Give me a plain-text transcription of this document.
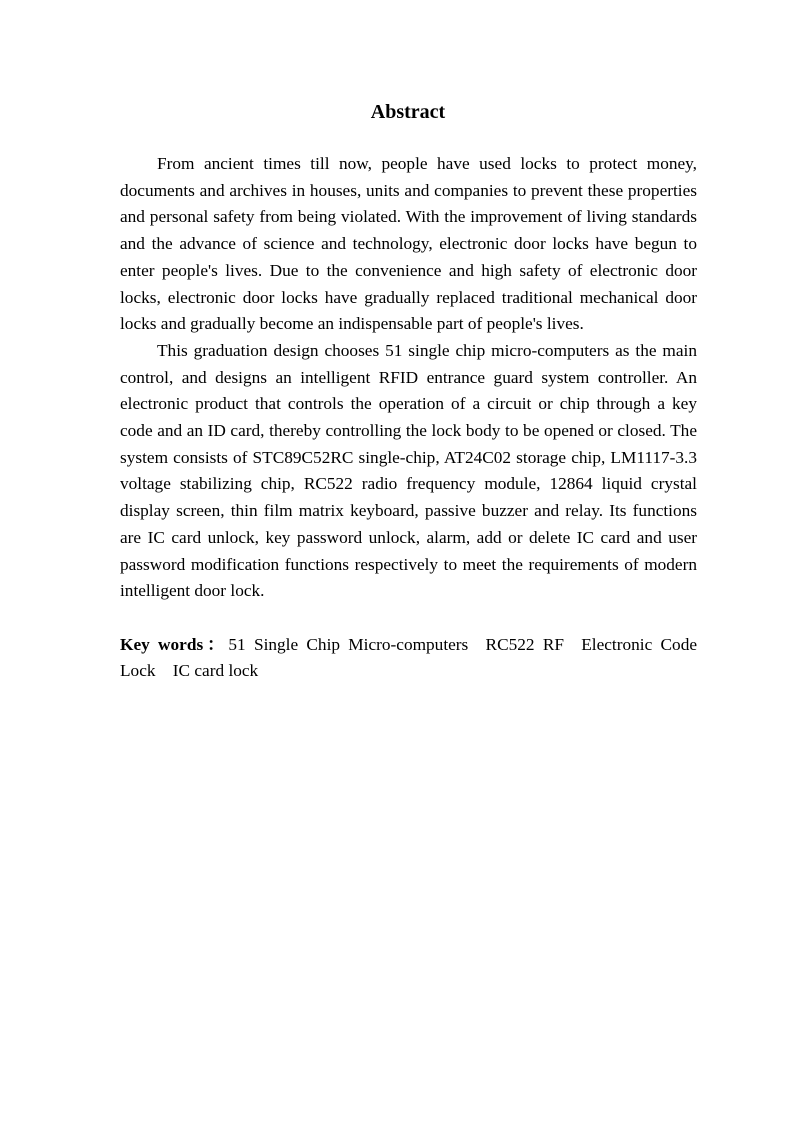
Abstract

From ancient times till now, people have used locks to protect money, documents and archives in houses, units and companies to prevent these properties and personal safety from being violated. With the improvement of living standards and the advance of science and technology, electronic door locks have begun to enter people's lives. Due to the convenience and high safety of electronic door locks, electronic door locks have gradually replaced traditional mechanical door locks and gradually become an indispensable part of people's lives.

This graduation design chooses 51 single chip micro-computers as the main control, and designs an intelligent RFID entrance guard system controller. An electronic product that controls the operation of a circuit or chip through a key code and an ID card, thereby controlling the lock body to be opened or closed. The system consists of STC89C52RC single-chip, AT24C02 storage chip, LM1117-3.3 voltage stabilizing chip, RC522 radio frequency module, 12864 liquid crystal display screen, thin film matrix keyboard, passive buzzer and relay. Its functions are IC card unlock, key password unlock, alarm, add or delete IC card and user password modification functions respectively to meet the requirements of modern intelligent door lock.

Key words：51 Single Chip Micro-computers RC522 RF Electronic Code Lock IC card lock
